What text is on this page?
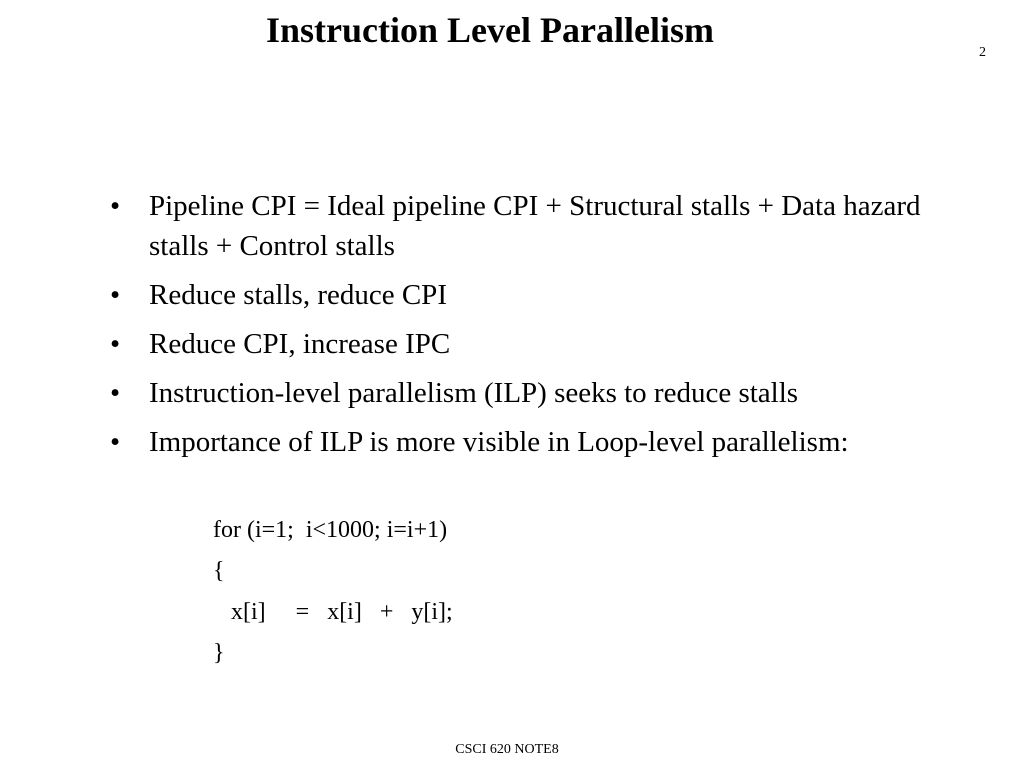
Instruction Level Parallelism
2
• Pipeline CPI = Ideal pipeline CPI + Structural stalls + Data hazard stalls + Control stalls
• Reduce stalls, reduce CPI
• Reduce CPI, increase IPC
• Instruction-level parallelism (ILP) seeks to reduce stalls
• Importance of ILP is more visible in Loop-level parallelism:
for (i=1;  i<1000; i=i+1)
{
x[i]     =   x[i]   +   y[i];
}
CSCI 620 NOTE8
